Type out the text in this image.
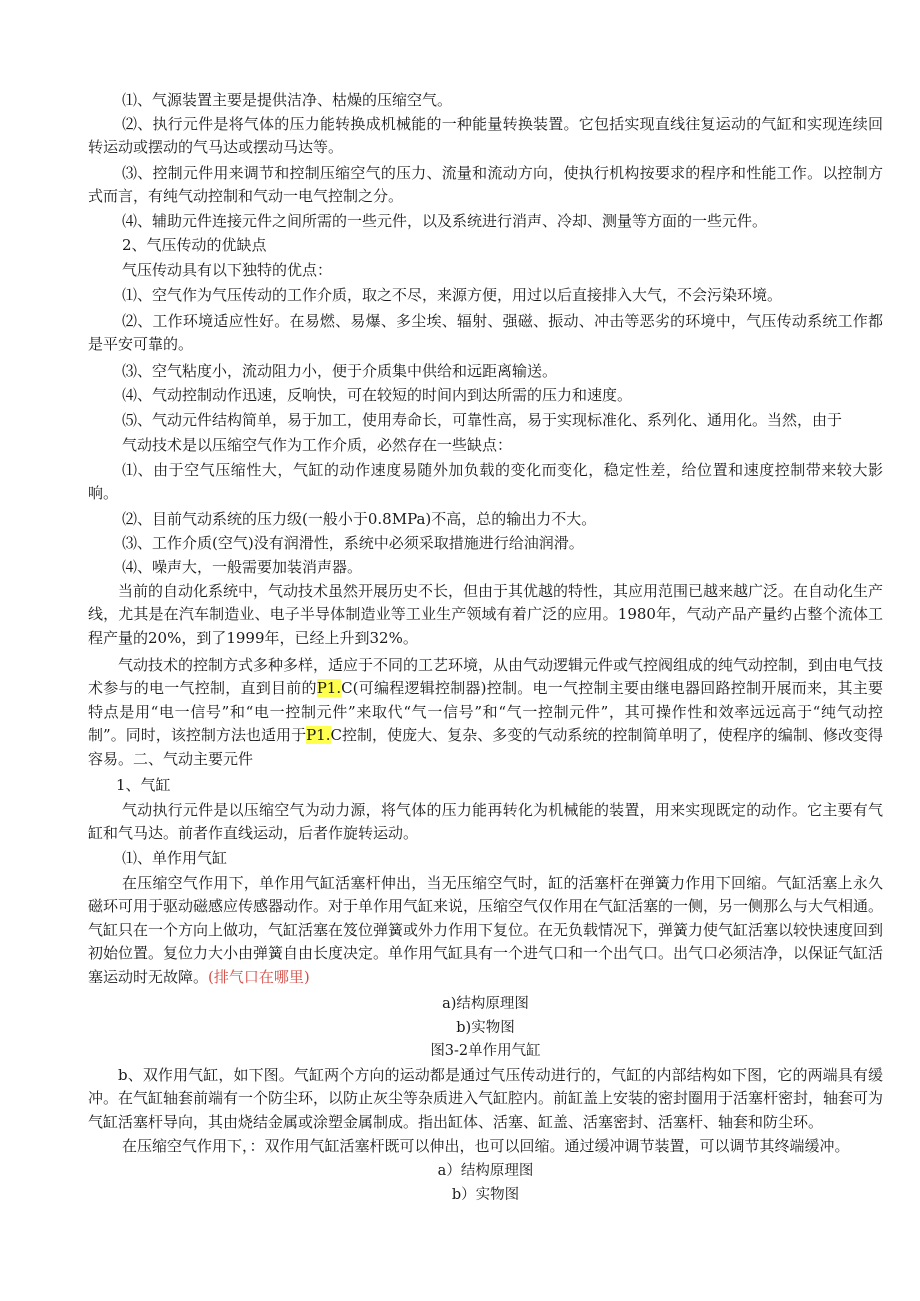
⑴、气源装置主要是提供洁净、枯燥的压缩空气。

⑵、执行元件是将气体的压力能转换成机械能的一种能量转换装置。它包括实现直线往复运动的气缸和实现连续回转运动或摆动的气马达或摆动马达等。

⑶、控制元件用来调节和控制压缩空气的压力、流量和流动方向，使执行机构按要求的程序和性能工作。以控制方式而言，有纯气动控制和气动一电气控制之分。

⑷、辅助元件连接元件之间所需的一些元件，以及系统进行消声、冷却、测量等方面的一些元件。

2、气压传动的优缺点

气压传动具有以下独特的优点：

⑴、空气作为气压传动的工作介质，取之不尽，来源方便，用过以后直接排入大气，不会污染环境。

⑵、工作环境适应性好。在易燃、易爆、多尘埃、辐射、强磁、振动、冲击等恶劣的环境中，气压传动系统工作都是平安可靠的。

⑶、空气粘度小，流动阻力小，便于介质集中供给和远距离输送。

⑷、气动控制动作迅速，反响快，可在较短的时间内到达所需的压力和速度。

⑸、气动元件结构简单，易于加工，使用寿命长，可靠性高，易于实现标准化、系列化、通用化。当然，由于

气动技术是以压缩空气作为工作介质，必然存在一些缺点：

⑴、由于空气压缩性大，气缸的动作速度易随外加负载的变化而变化，稳定性差，给位置和速度控制带来较大影响。

⑵、目前气动系统的压力级(一般小于0.8MPa)不高，总的输出力不大。

⑶、工作介质(空气)没有润滑性，系统中必须采取措施进行给油润滑。

⑷、噪声大，一般需要加装消声器。

当前的自动化系统中，气动技术虽然开展历史不长，但由于其优越的特性，其应用范围已越来越广泛。在自动化生产线，尤其是在汽车制造业、电子半导体制造业等工业生产领域有着广泛的应用。1980年，气动产品产量约占整个流体工程产量的20%，到了1999年，已经上升到32%。

气动技术的控制方式多种多样，适应于不同的工艺环境，从由气动逻辑元件或气控阀组成的纯气动控制，到由电气技术参与的电一气控制，直到目前的P1.C(可编程逻辑控制器)控制。电一气控制主要由继电器回路控制开展而来，其主要特点是用“电一信号”和“电一控制元件”来取代“气一信号”和“气一控制元件”，其可操作性和效率远远高于“纯气动控制”。同时，该控制方法也适用于P1.C控制，使庞大、复杂、多变的气动系统的控制简单明了，使程序的编制、修改变得容易。二、气动主要元件

1、气缸

气动执行元件是以压缩空气为动力源，将气体的压力能再转化为机械能的装置，用来实现既定的动作。它主要有气缸和气马达。前者作直线运动，后者作旋转运动。

⑴、单作用气缸

在压缩空气作用下，单作用气缸活塞杆伸出，当无压缩空气时，缸的活塞杆在弹簧力作用下回缩。气缸活塞上永久磁环可用于驱动磁感应传感器动作。对于单作用气缸来说，压缩空气仅作用在气缸活塞的一侧，另一侧那么与大气相通。气缸只在一个方向上做功，气缸活塞在笈位弹簧或外力作用下复位。在无负载情况下，弹簧力使气缸活塞以较快速度回到初始位置。复位力大小由弹簧自由长度决定。单作用气缸具有一个进气口和一个出气口。出气口必须洁净，以保证气缸活塞运动时无故障。(排气口在哪里)

a)结构原理图

b)实物图

图3-2单作用气缸

b、双作用气缸，如下图。气缸两个方向的运动都是通过气压传动进行的，气缸的内部结构如下图，它的两端具有缓冲。在气缸轴套前端有一个防尘环，以防止灰尘等杂质进入气缸腔内。前缸盖上安装的密封圈用于活塞杆密封，轴套可为气缸活塞杆导向，其由烧结金属或涂塑金属制成。指出缸体、活塞、缸盖、活塞密封、活塞杆、轴套和防尘环。

在压缩空气作用下，：双作用气缸活塞杆既可以伸出，也可以回缩。通过缓冲调节装置，可以调节其终端缓冲。

a）结构原理图

b）实物图
